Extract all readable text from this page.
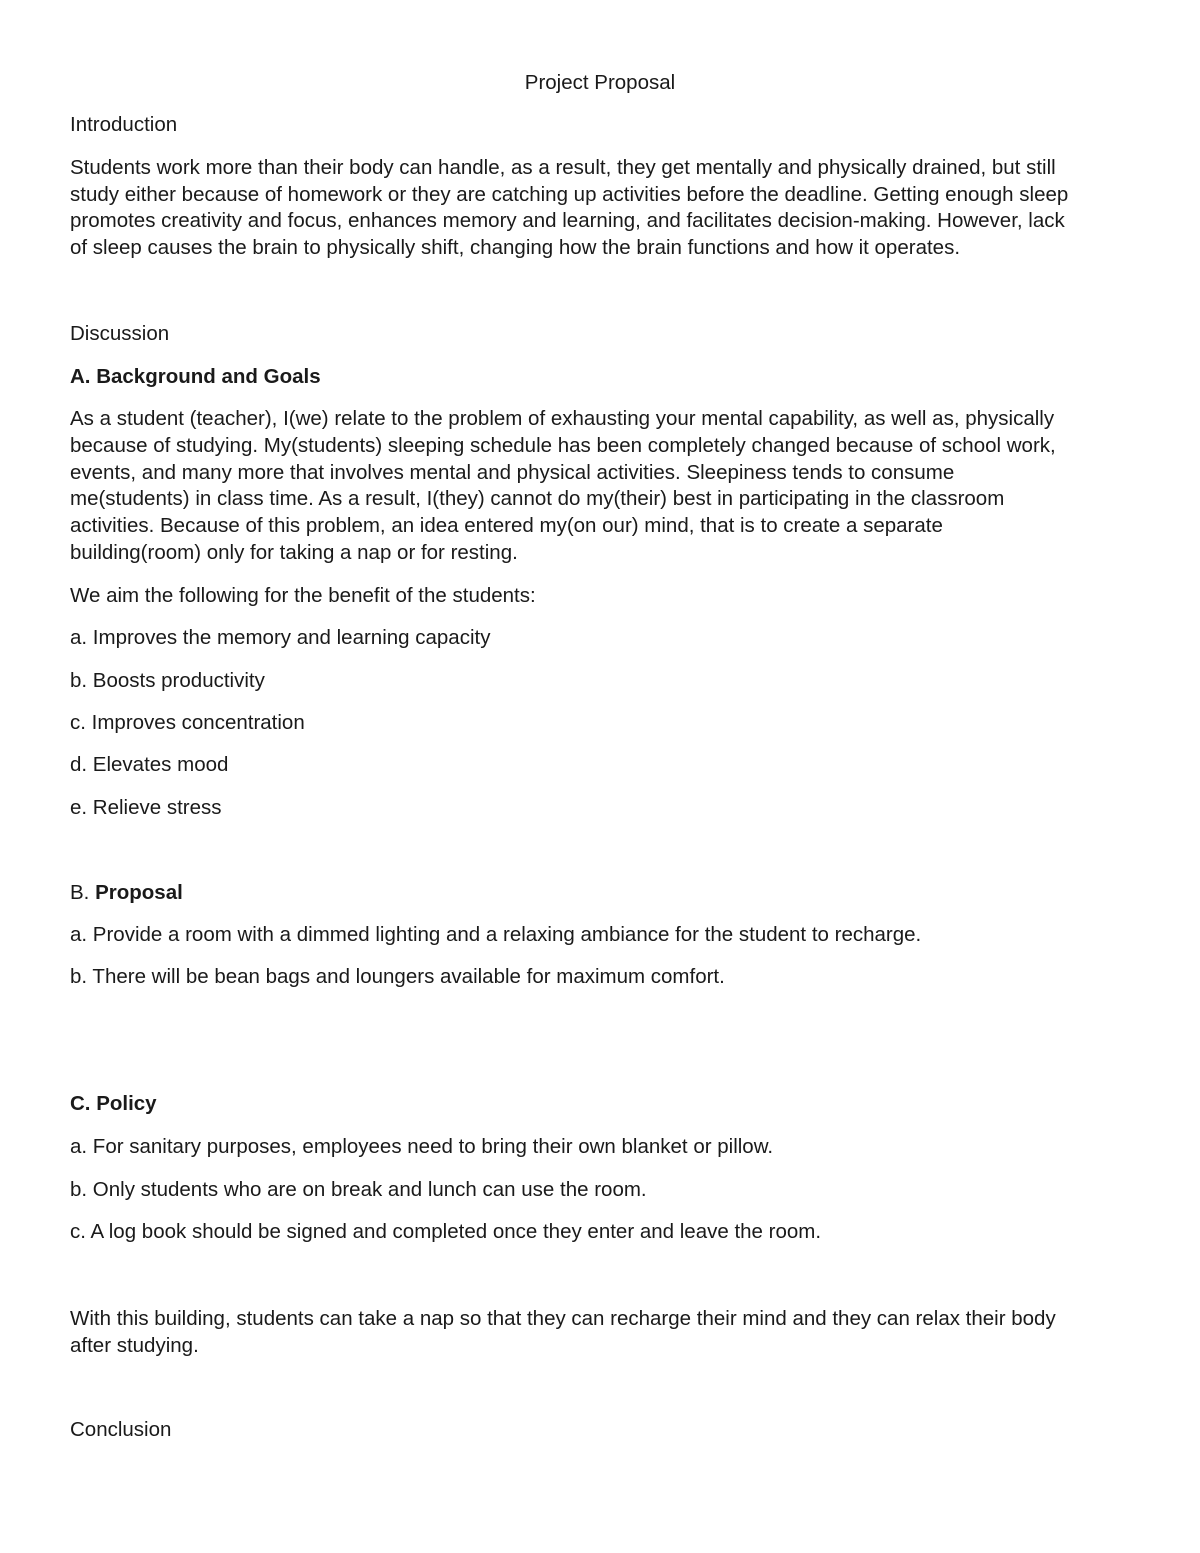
Project Proposal

Introduction

Students work more than their body can handle, as a result, they get mentally and physically drained, but still

study either because of homework or they are catching up activities before the deadline. Getting enough sleep

promotes creativity and focus, enhances memory and learning, and facilitates decision-making. However, lack

of sleep causes the brain to physically shift, changing how the brain functions and how it operates.

Discussion

A. Background and Goals

As a student (teacher), I(we) relate to the problem of exhausting your mental capability, as well as, physically

because of studying. My(students) sleeping schedule has been completely changed because of school work,

events, and many more that involves mental and physical activities. Sleepiness tends to consume

me(students) in class time. As a result, I(they) cannot do my(their) best in participating in the classroom

activities. Because of this problem, an idea entered my(on our) mind, that is to create a separate

building(room) only for taking a nap or for resting.

We aim the following for the benefit of the students:

a. Improves the memory and learning capacity

b. Boosts productivity

c. Improves concentration

d. Elevates mood

e. Relieve stress

B. Proposal

a. Provide a room with a dimmed lighting and a relaxing ambiance for the student to recharge.

b. There will be bean bags and loungers available for maximum comfort.

C. Policy

a. For sanitary purposes, employees need to bring their own blanket or pillow.

b. Only students who are on break and lunch can use the room.

c. A log book should be signed and completed once they enter and leave the room.

With this building, students can take a nap so that they can recharge their mind and they can relax their body

after studying.

Conclusion
